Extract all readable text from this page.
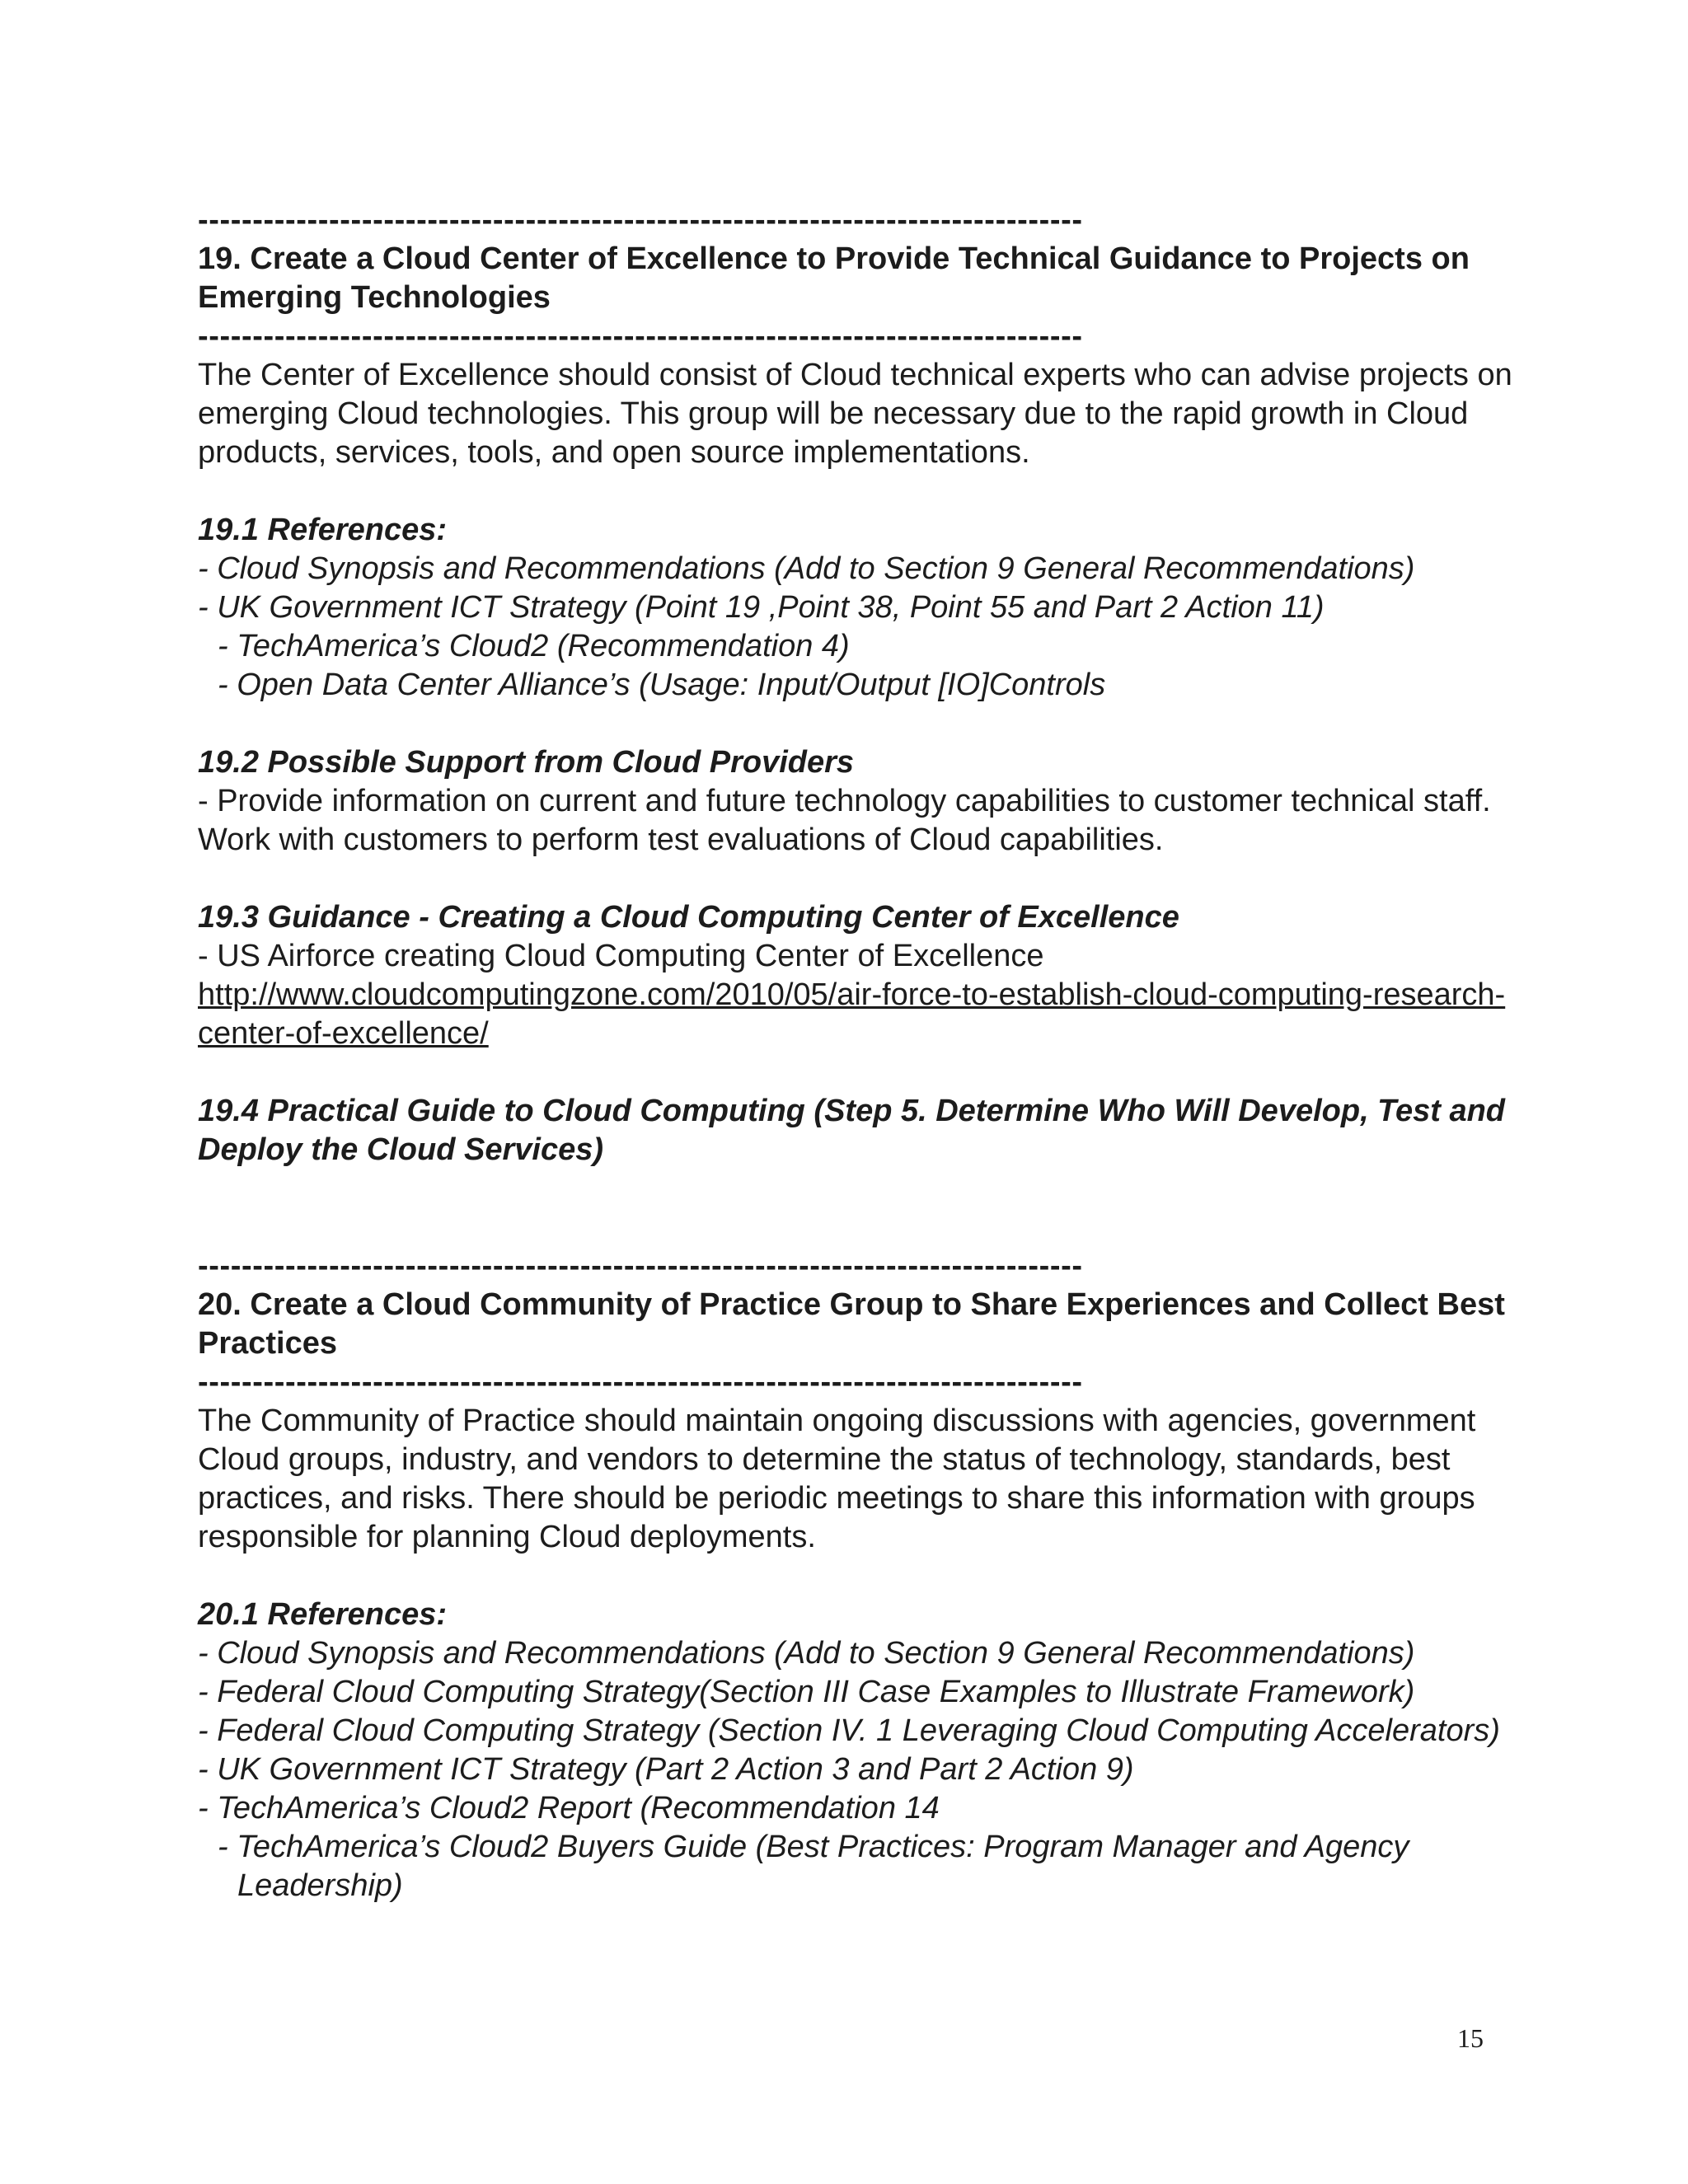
---------------------------------------------------------------------------------

19. Create a Cloud Center of Excellence to Provide Technical Guidance to Projects on Emerging Technologies

---------------------------------------------------------------------------------

The Center of Excellence should consist of Cloud technical experts who can advise projects on emerging Cloud technologies. This group will be necessary due to the rapid growth in Cloud products, services, tools, and open source implementations.

19.1 References:

- Cloud Synopsis and Recommendations (Add to Section 9 General Recommendations)

- UK Government ICT Strategy (Point 19 ,Point 38, Point 55 and Part 2 Action 11)

- TechAmerica’s Cloud2 (Recommendation 4)

- Open Data Center Alliance’s (Usage: Input/Output [IO]Controls

19.2 Possible Support from Cloud Providers

- Provide information on current and future technology capabilities to customer technical staff. Work with customers to perform test evaluations of Cloud capabilities.

19.3 Guidance - Creating a Cloud Computing Center of Excellence

- US Airforce creating Cloud Computing Center of Excellence

http://www.cloudcomputingzone.com/2010/05/air-force-to-establish-cloud-computing-research-center-of-excellence/

19.4 Practical Guide to Cloud Computing (Step 5. Determine Who Will Develop, Test and Deploy the Cloud Services)

---------------------------------------------------------------------------------

20. Create a Cloud Community of Practice Group to Share Experiences and Collect Best Practices

---------------------------------------------------------------------------------

The Community of Practice should maintain ongoing discussions with agencies, government Cloud groups, industry, and vendors to determine the status of technology, standards, best practices, and risks. There should be periodic meetings to share this information with groups responsible for planning Cloud deployments.

20.1 References:

- Cloud Synopsis and Recommendations (Add to Section 9 General Recommendations)

- Federal Cloud Computing Strategy(Section III Case Examples to Illustrate Framework)

- Federal Cloud Computing Strategy (Section IV. 1 Leveraging Cloud Computing Accelerators)

- UK Government ICT Strategy (Part 2 Action 3 and Part 2 Action 9)

- TechAmerica’s Cloud2 Report (Recommendation 14

- TechAmerica’s Cloud2 Buyers Guide (Best Practices: Program Manager and Agency Leadership)

15
